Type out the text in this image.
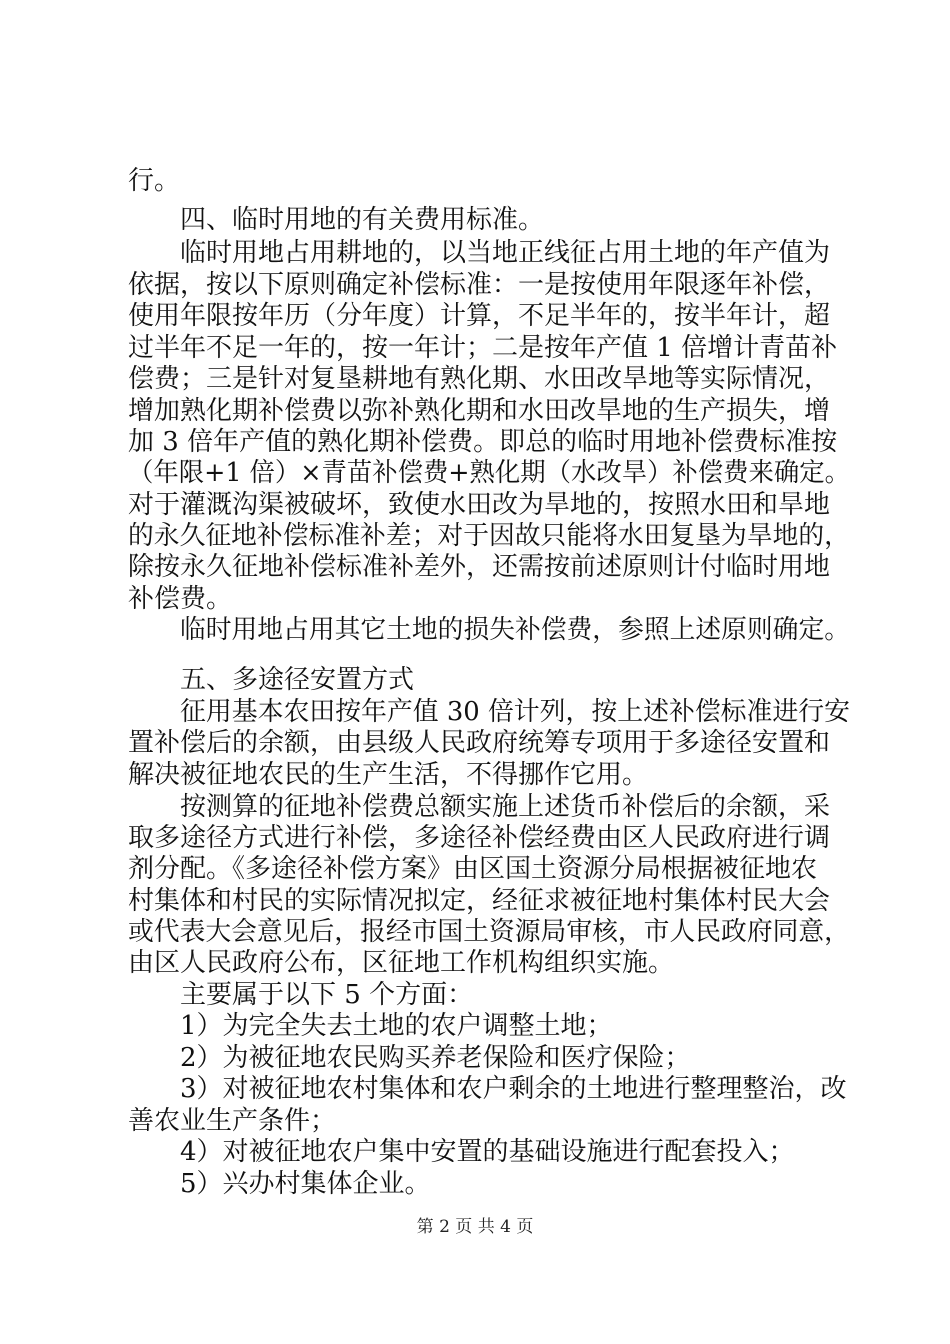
行。
四、临时用地的有关费用标准。
临时用地占用耕地的，以当地正线征占用土地的年产值为
依据，按以下原则确定补偿标准：一是按使用年限逐年补偿，
使用年限按年历（分年度）计算，不足半年的，按半年计，超
过半年不足一年的，按一年计；二是按年产值 1 倍增计青苗补
偿费；三是针对复垦耕地有熟化期、水田改旱地等实际情况，
增加熟化期补偿费以弥补熟化期和水田改旱地的生产损失，增
加 3 倍年产值的熟化期补偿费。即总的临时用地补偿费标准按
（年限+1 倍）×青苗补偿费+熟化期（水改旱）补偿费来确定。
对于灌溉沟渠被破坏，致使水田改为旱地的，按照水田和旱地
的永久征地补偿标准补差；对于因故只能将水田复垦为旱地的，
除按永久征地补偿标准补差外，还需按前述原则计付临时用地
补偿费。
临时用地占用其它土地的损失补偿费，参照上述原则确定。
五、多途径安置方式
征用基本农田按年产值 30 倍计列，按上述补偿标准进行安
置补偿后的余额，由县级人民政府统筹专项用于多途径安置和
解决被征地农民的生产生活，不得挪作它用。
按测算的征地补偿费总额实施上述货币补偿后的余额，采
取多途径方式进行补偿，多途径补偿经费由区人民政府进行调
剂分配。《多途径补偿方案》由区国土资源分局根据被征地农
村集体和村民的实际情况拟定，经征求被征地村集体村民大会
或代表大会意见后，报经市国土资源局审核，市人民政府同意，
由区人民政府公布，区征地工作机构组织实施。
主要属于以下 5 个方面：
1）为完全失去土地的农户调整土地；
2）为被征地农民购买养老保险和医疗保险；
3）对被征地农村集体和农户剩余的土地进行整理整治，改
善农业生产条件；
4）对被征地农户集中安置的基础设施进行配套投入；
5）兴办村集体企业。
第 2 页 共 4 页
